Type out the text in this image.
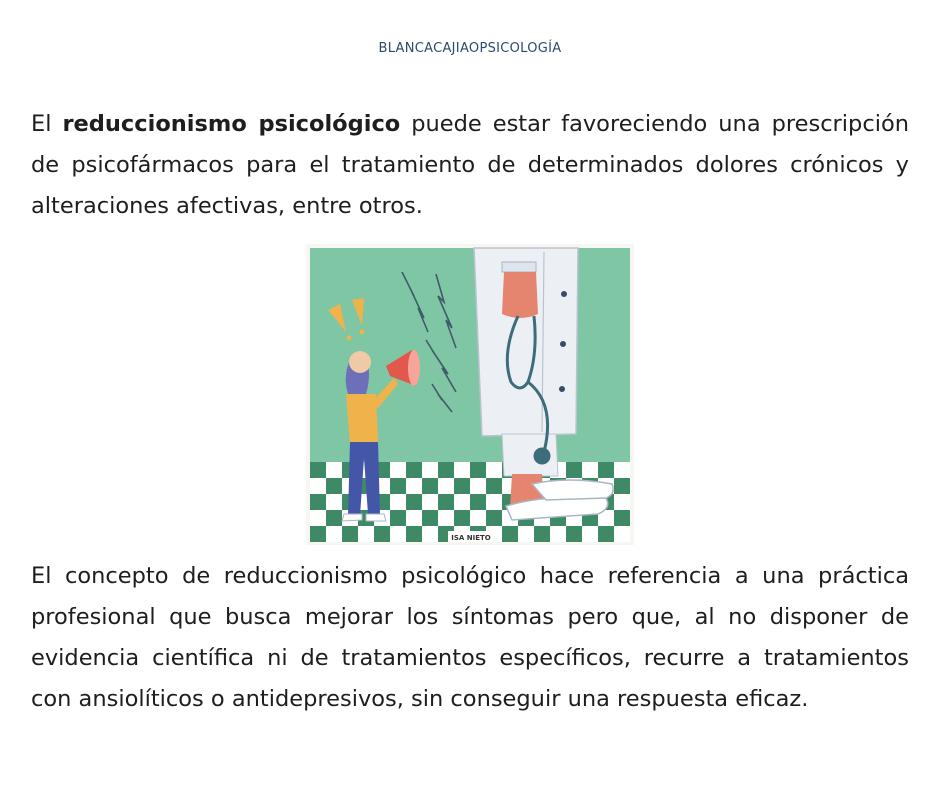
BLANCACAJIAOPSICOLOGÍA

El reduccionismo psicológico puede estar favoreciendo una prescripción de psicofármacos para el tratamiento de determinados dolores crónicos y alteraciones afectivas, entre otros.

ISA NIETO

El concepto de reduccionismo psicológico hace referencia a una práctica profesional que busca mejorar los síntomas pero que, al no disponer de evidencia científica ni de tratamientos específicos, recurre a tratamientos con ansiolíticos o antidepresivos, sin conseguir una respuesta eficaz.
